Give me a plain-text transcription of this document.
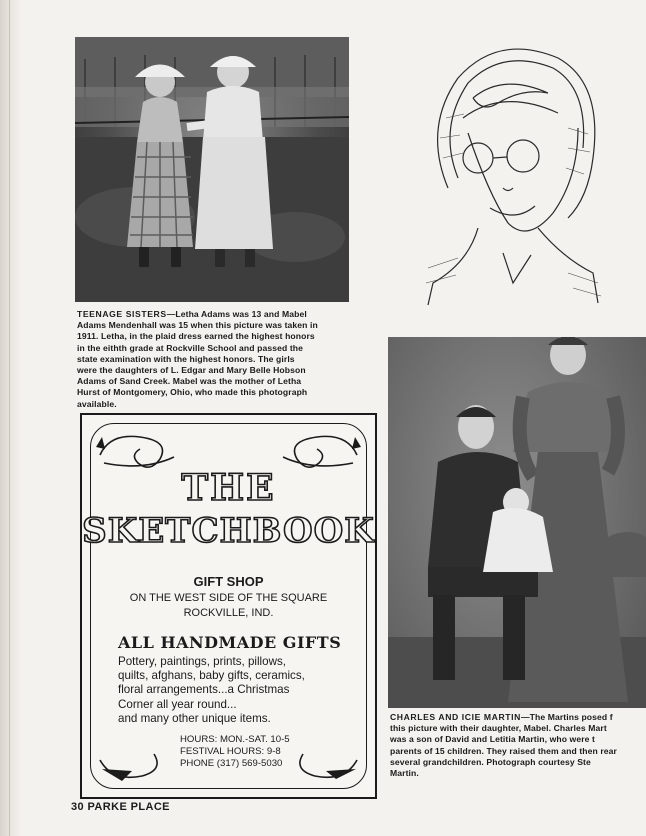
TEENAGE SISTERS—Letha Adams was 13 and Mabel
Adams Mendenhall was 15 when this picture was taken in
1911. Letha, in the plaid dress earned the highest honors
in the eithth grade at Rockville School and passed the
state examination with the highest honors. The girls
were the daughters of L. Edgar and Mary Belle Hobson
Adams of Sand Creek. Mabel was the mother of Letha
Hurst of Montgomery, Ohio, who made this photograph
available.
CHARLES AND ICIE MARTIN—The Martins posed f
this picture with their daughter, Mabel. Charles Mart
was a son of David and Letitia Martin, who were t
parents of 15 children. They raised them and then rear
several grandchildren. Photograph courtesy Ste
Martin.
THE
SKETCHBOOK
GIFT SHOP
ON THE WEST SIDE OF THE SQUARE
ROCKVILLE, IND.
ALL HANDMADE GIFTS
Pottery, paintings, prints, pillows,
quilts, afghans, baby gifts, ceramics,
floral arrangements...a Christmas
Corner all year round...
and many other unique items.
HOURS: MON.-SAT. 10-5
FESTIVAL HOURS: 9-8
PHONE (317) 569-5030
30 PARKE PLACE
